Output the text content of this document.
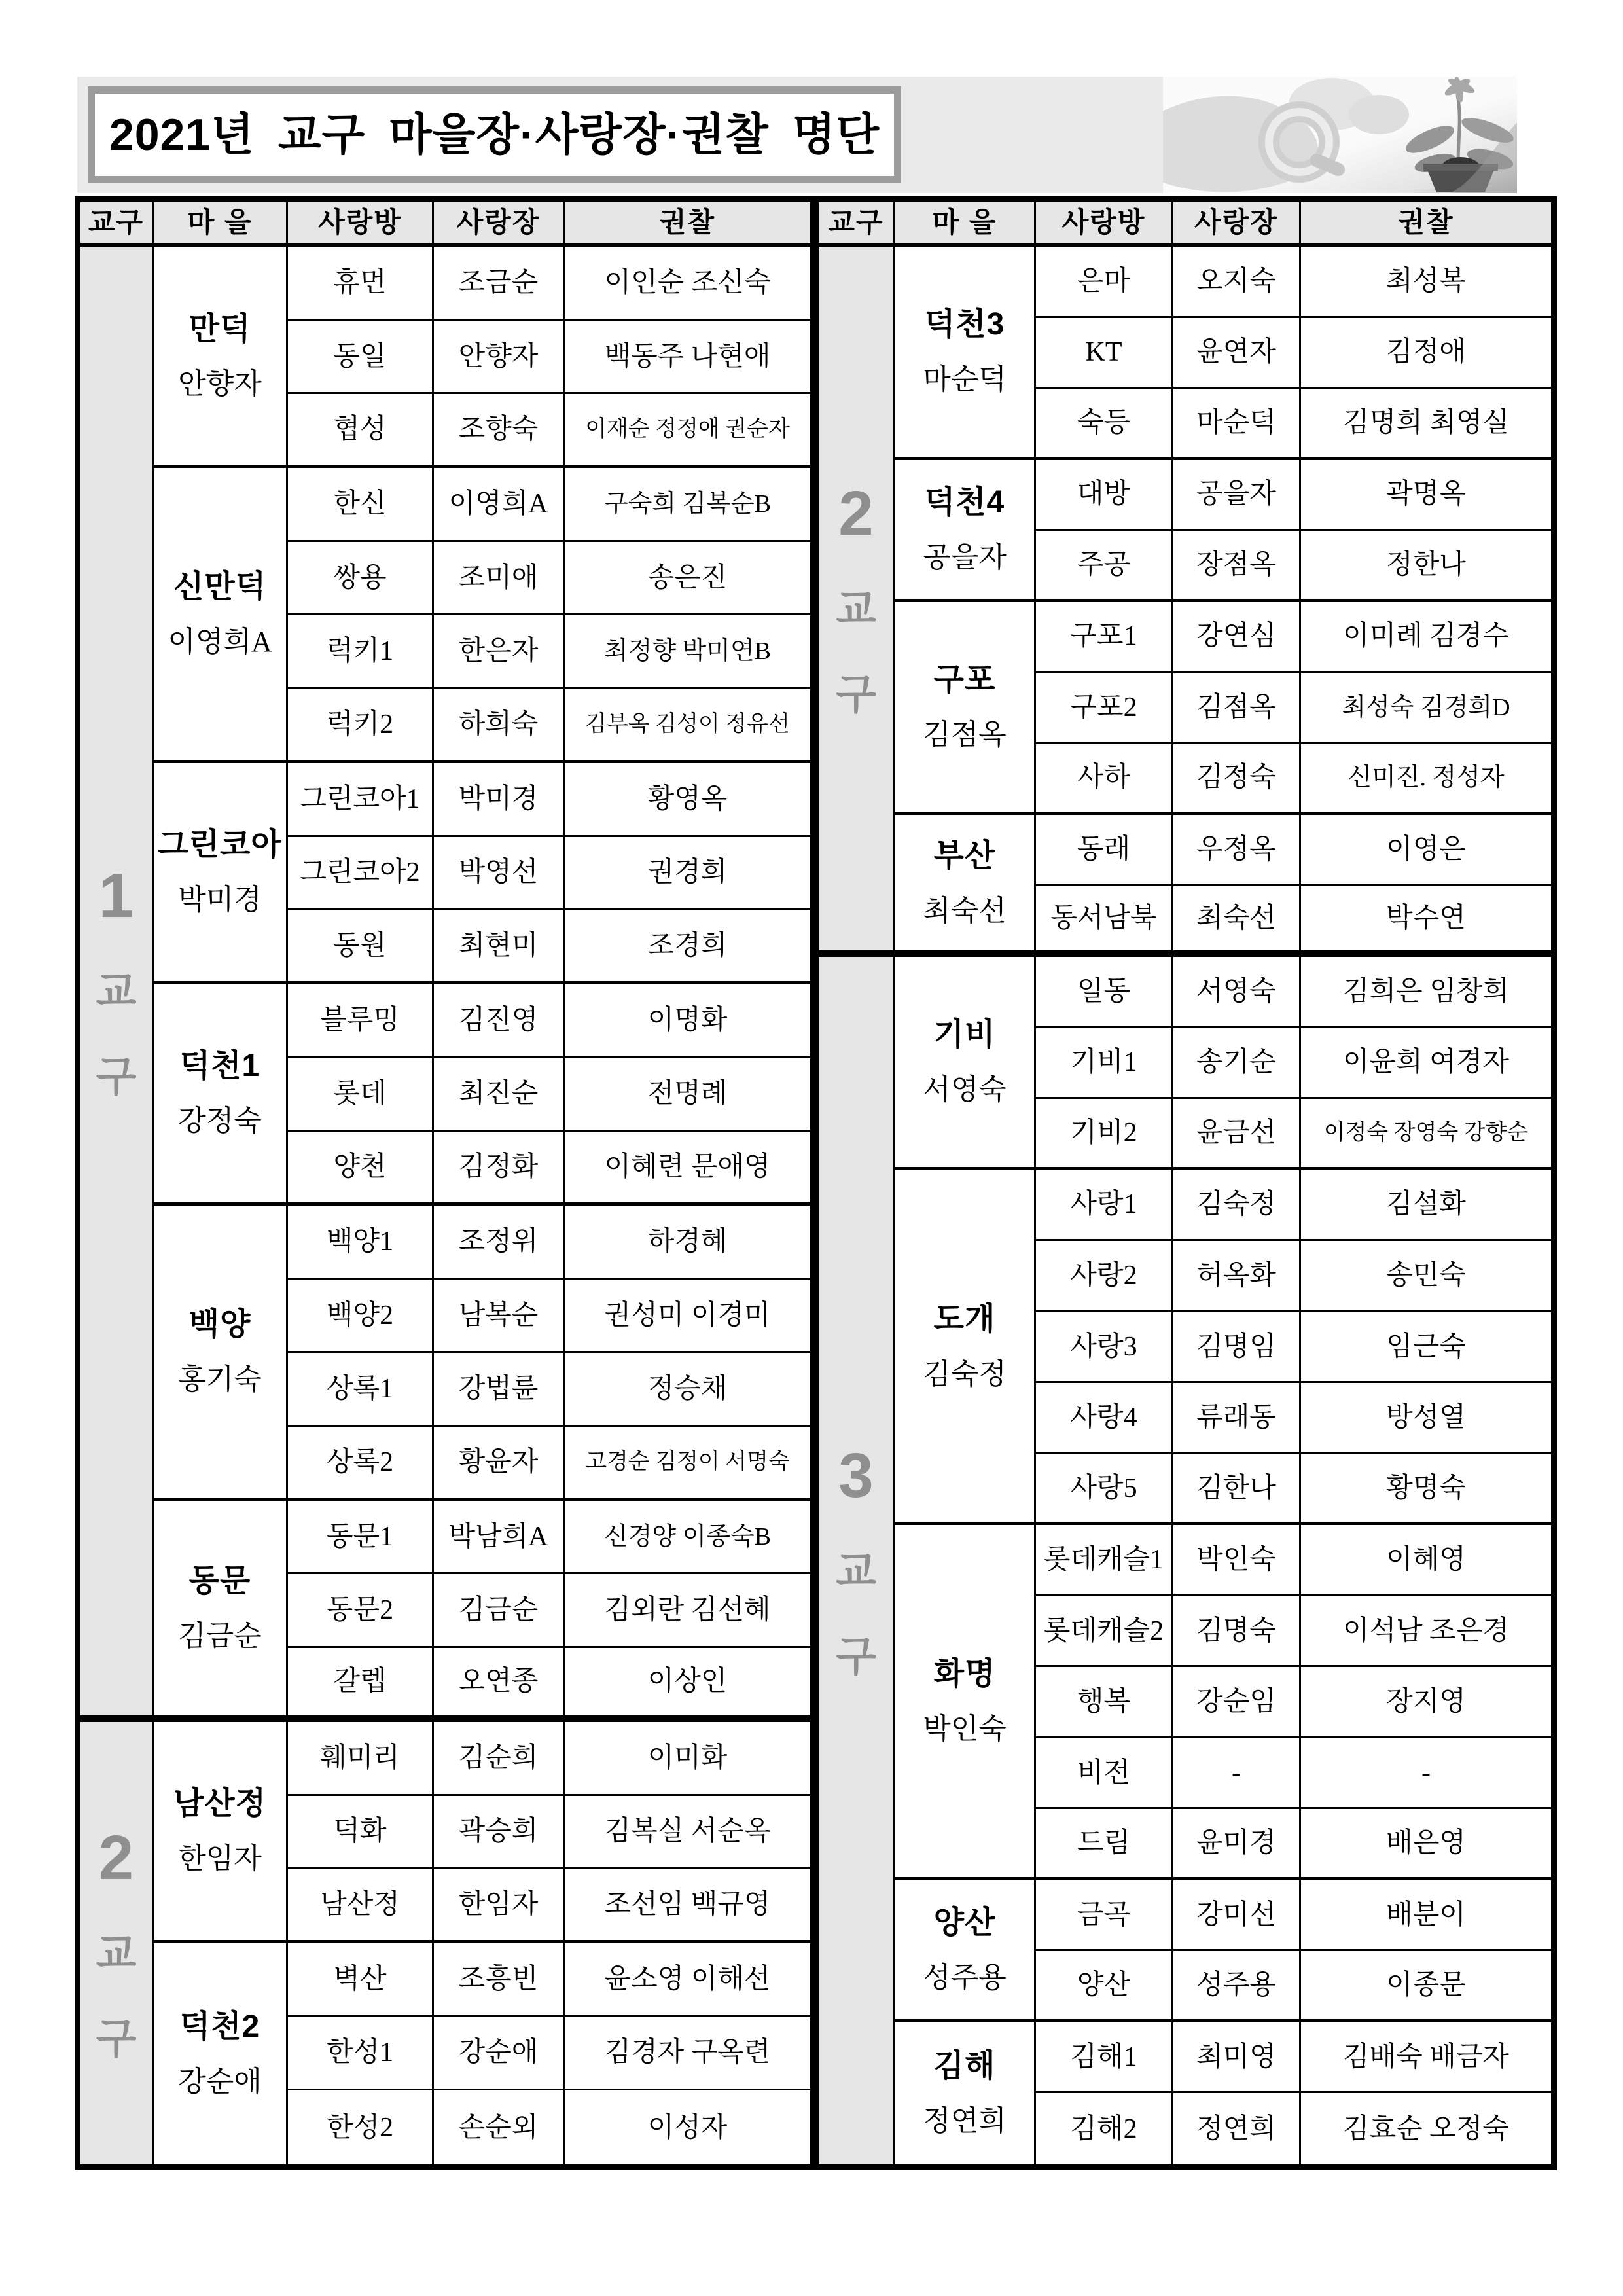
2021년 교구 마을장·사랑장·권찰 명단
교구	마 을	사랑방	사랑장	권찰
1
교
구
만덕
안향자
휴먼	조금순	이인순 조신숙
동일	안향자	백동주 나현애
협성	조향숙	이재순 정정애 권순자
신만덕
이영희A
한신	이영희A	구숙희 김복순B
쌍용	조미애	송은진
럭키1	한은자	최정향 박미연B
럭키2	하희숙	김부옥 김성이 정유선
그린코아
박미경
그린코아1	박미경	황영옥
그린코아2	박영선	권경희
동원	최현미	조경희
덕천1
강정숙
블루밍	김진영	이명화
롯데	최진순	전명례
양천	김정화	이혜련 문애영
백양
홍기숙
백양1	조정위	하경혜
백양2	남복순	권성미 이경미
상록1	강법륜	정승채
상록2	황윤자	고경순 김정이 서명숙
동문
김금순
동문1	박남희A	신경양 이종숙B
동문2	김금순	김외란 김선혜
갈렙	오연종	이상인
2
교
구
남산정
한임자
훼미리	김순희	이미화
덕화	곽승희	김복실 서순옥
남산정	한임자	조선임 백규영
덕천2
강순애
벽산	조흥빈	윤소영 이해선
한성1	강순애	김경자 구옥련
한성2	손순외	이성자
교구	마 을	사랑방	사랑장	권찰
2
교
구
덕천3
마순덕
은마	오지숙	최성복
KT	윤연자	김정애
숙등	마순덕	김명희 최영실
덕천4
공을자
대방	공을자	곽명옥
주공	장점옥	정한나
구포
김점옥
구포1	강연심	이미례 김경수
구포2	김점옥	최성숙 김경희D
사하	김정숙	신미진. 정성자
부산
최숙선
동래	우정옥	이영은
동서남북	최숙선	박수연
3
교
구
기비
서영숙
일동	서영숙	김희은 임창희
기비1	송기순	이윤희 여경자
기비2	윤금선	이정숙 장영숙 강향순
도개
김숙정
사랑1	김숙정	김설화
사랑2	허옥화	송민숙
사랑3	김명임	임근숙
사랑4	류래동	방성열
사랑5	김한나	황명숙
화명
박인숙
롯데캐슬1	박인숙	이혜영
롯데캐슬2	김명숙	이석남 조은경
행복	강순임	장지영
비전	-	-
드림	윤미경	배은영
양산
성주용
금곡	강미선	배분이
양산	성주용	이종문
김해
정연희
김해1	최미영	김배숙 배금자
김해2	정연희	김효순 오정숙
